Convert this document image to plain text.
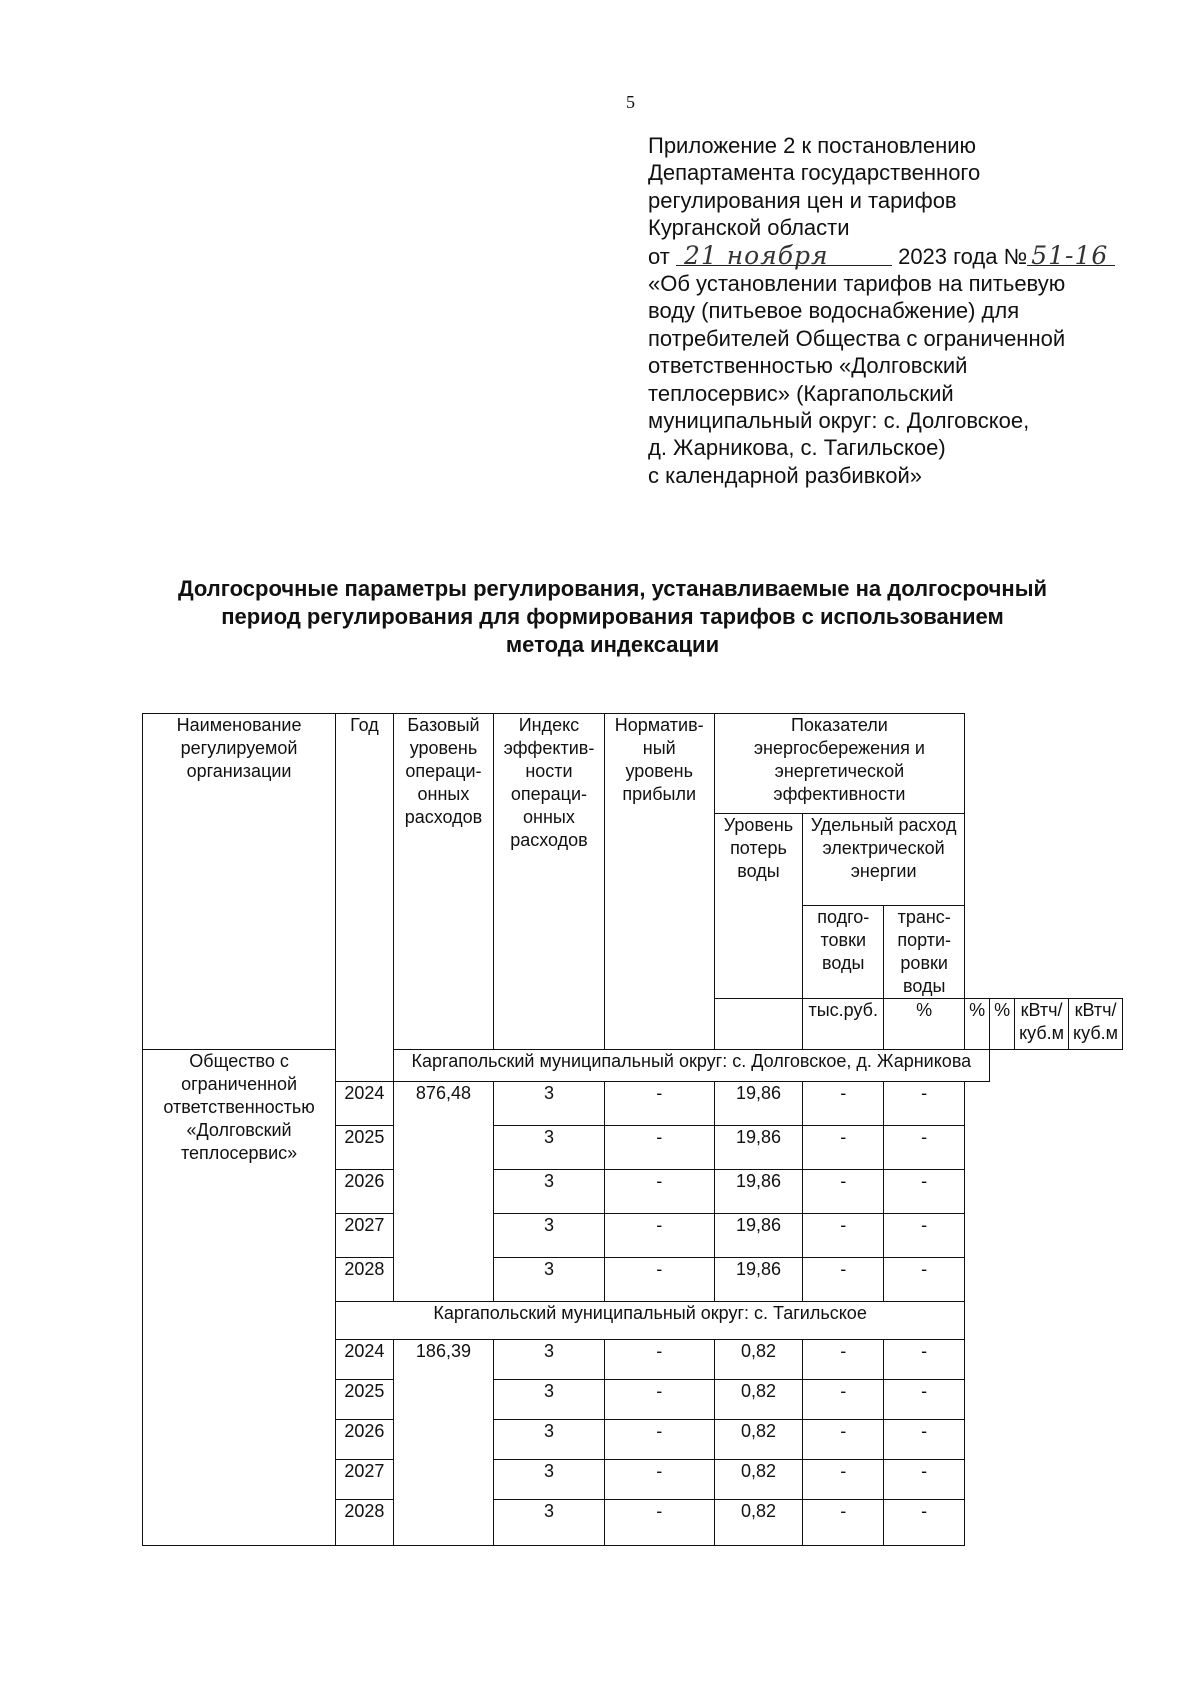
5
Приложение 2 к постановлению
Департамента государственного
регулирования цен и тарифов
Курганской области
от 21 ноября	2023 года № 51-16
«Об установлении тарифов на питьевую
воду (питьевое водоснабжение) для
потребителей Общества с ограниченной
ответственностью «Долговский
теплосервис» (Каргапольский
муниципальный округ: с. Долговское,
д. Жарникова, с. Тагильское)
с календарной разбивкой»
Долгосрочные параметры регулирования, устанавливаемые на долгосрочный
период регулирования для формирования тарифов с использованием
метода индексации
Наименование регулируемой организации	Год	Базовый уровень операци- онных расходов	Индекс эффектив- ности операци- онных расходов	Норматив- ный уровень прибыли	Показатели энергосбережения и энергетической эффективности						
					Уровень потерь воды	Удельный расход электрической энергии					
						подго- товки воды	транс- порти- ровки воды				
						тыс.руб.	%	%	%	кВтч/ куб.м	кВтч/ куб.м
Общество с ограниченной ответственностью «Долговский теплосервис»		Каргапольский муниципальный округ: с. Долговское, д. Жарникова									
	2024	876,48	3	-	19,86	-	-				
	2025		3	-	19,86	-	-				
	2026		3	-	19,86	-	-				
	2027		3	-	19,86	-	-				
	2028		3	-	19,86	-	-				
	Каргапольский муниципальный округ: с. Тагильское										
	2024	186,39	3	-	0,82	-	-				
	2025		3	-	0,82	-	-				
	2026		3	-	0,82	-	-				
	2027		3	-	0,82	-	-				
	2028		3	-	0,82	-	-				
